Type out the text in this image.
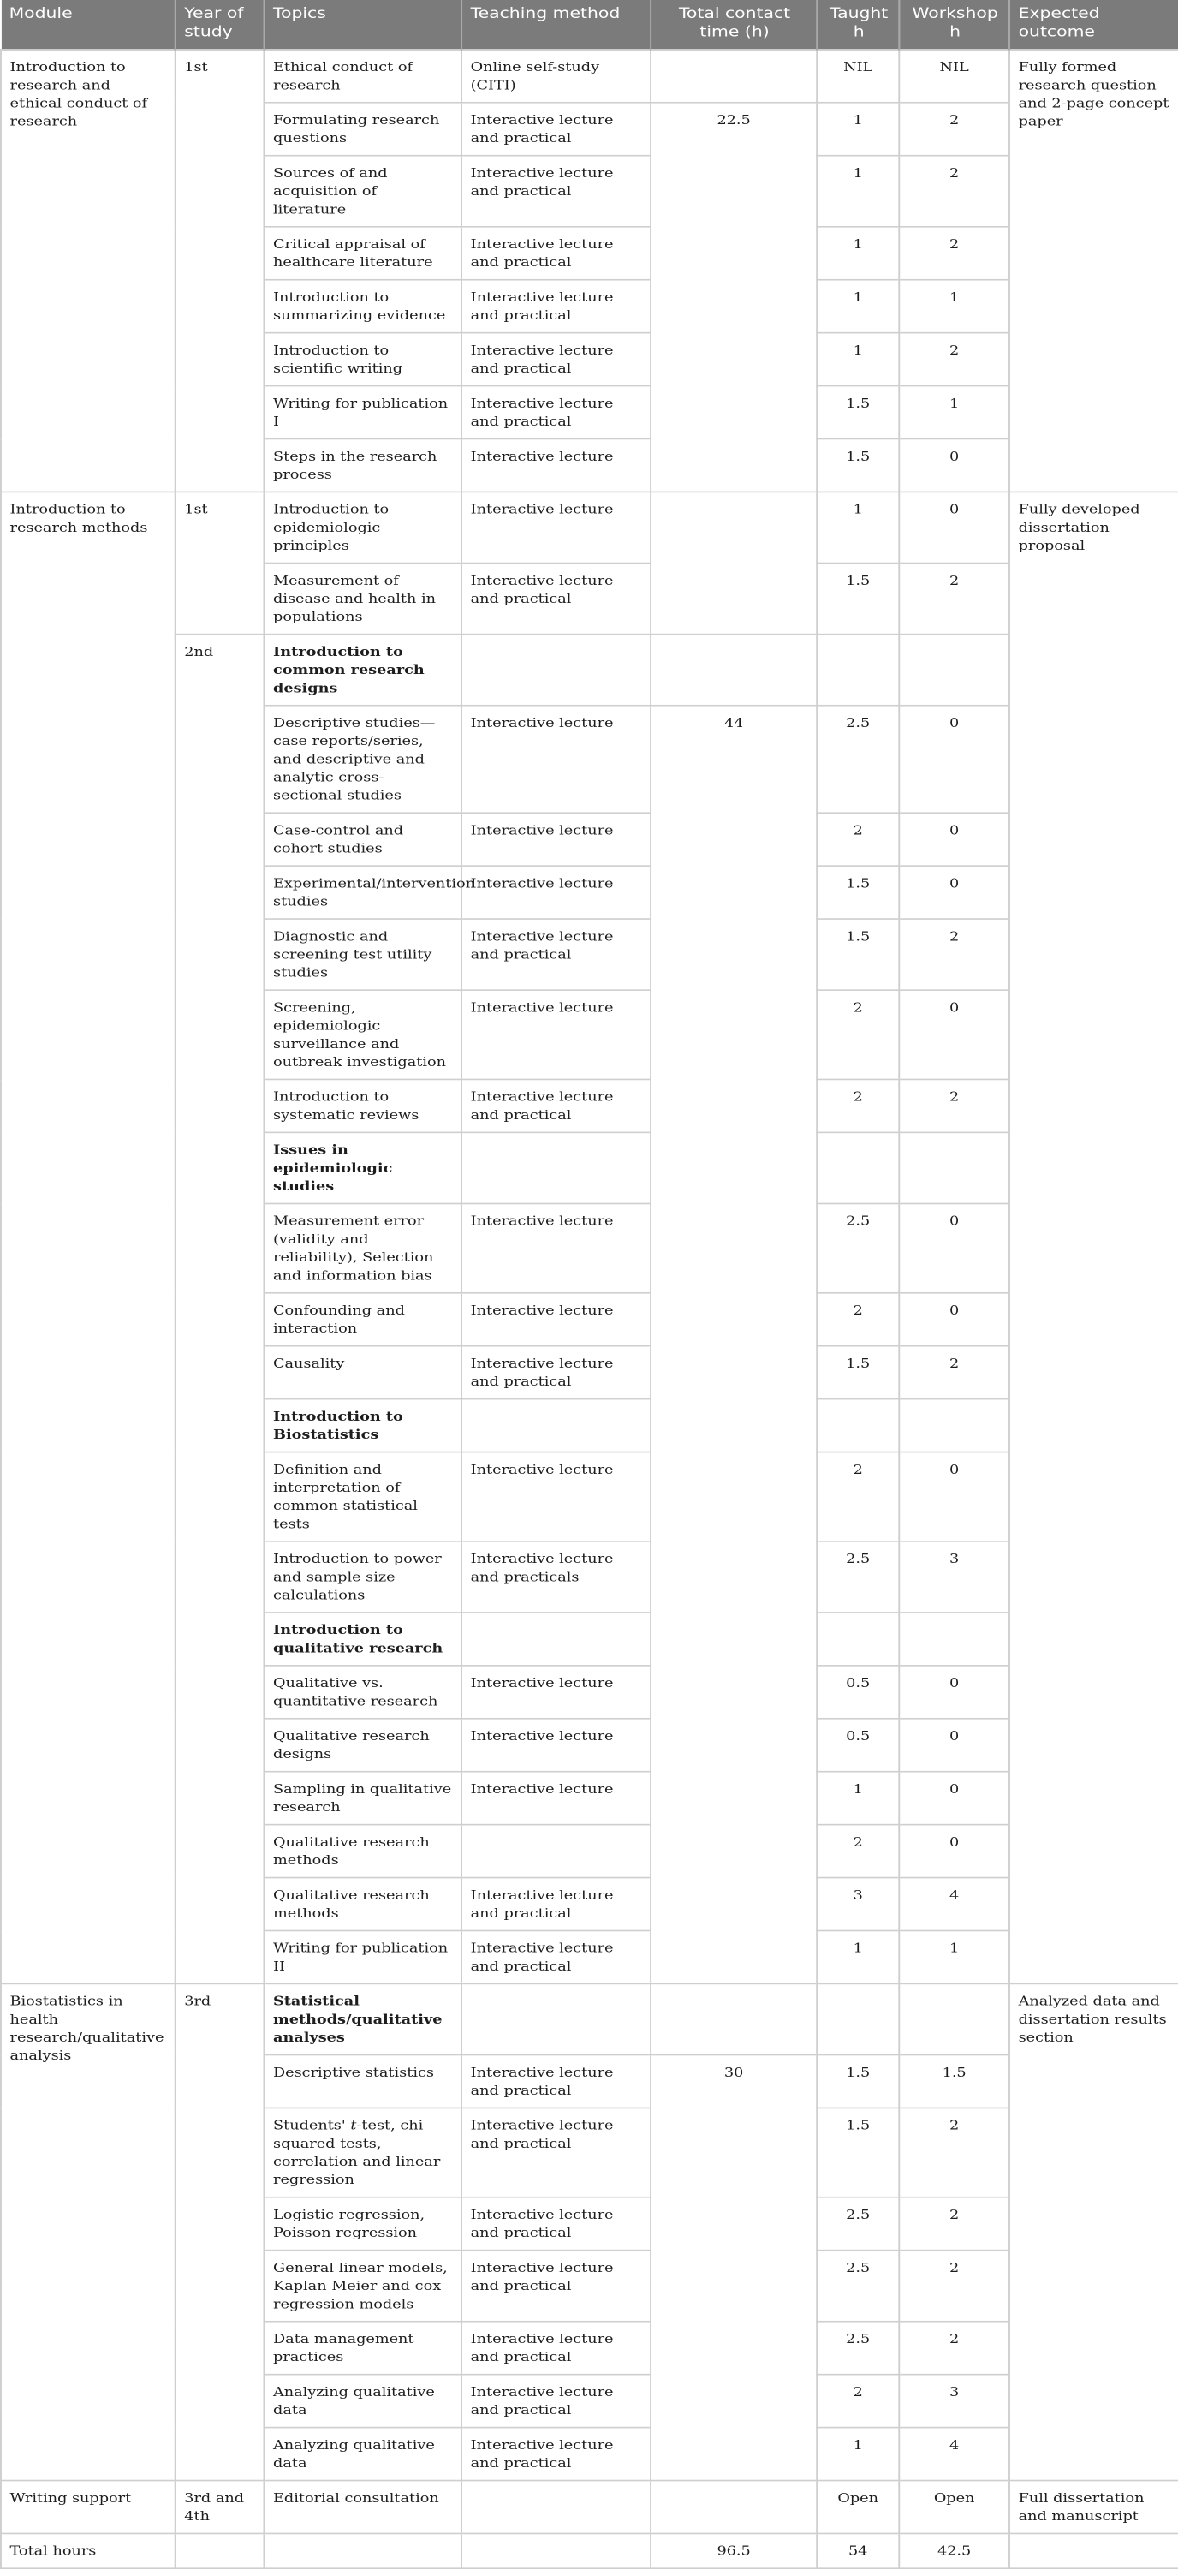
Module	Year of study	Topics	Teaching method	Total contact time (h)	Taught h	Workshop h	Expected outcome
Introduction to research and ethical conduct of research	1st	Ethical conduct of research	Online self-study (CITI)		NIL	NIL	Fully formed research question and 2-page concept paper
		Formulating research questions	Interactive lecture and practical	22.5	1	2	
		Sources of and acquisition of literature	Interactive lecture and practical		1	2	
		Critical appraisal of healthcare literature	Interactive lecture and practical		1	2	
		Introduction to summarizing evidence	Interactive lecture and practical		1	1	
		Introduction to scientific writing	Interactive lecture and practical		1	2	
		Writing for publication I	Interactive lecture and practical		1.5	1	
		Steps in the research process	Interactive lecture		1.5	0	
Introduction to research methods	1st	Introduction to epidemiologic principles	Interactive lecture		1	0	Fully developed dissertation proposal
		Measurement of disease and health in populations	Interactive lecture and practical		1.5	2	
	2nd	Introduction to common research designs					
		Descriptive studies—case reports/series, and descriptive and analytic cross-sectional studies	Interactive lecture	44	2.5	0	
		Case-control and cohort studies	Interactive lecture		2	0	
		Experimental/intervention studies	Interactive lecture		1.5	0	
		Diagnostic and screening test utility studies	Interactive lecture and practical		1.5	2	
		Screening, epidemiologic surveillance and outbreak investigation	Interactive lecture		2	0	
		Introduction to systematic reviews	Interactive lecture and practical		2	2	
		Issues in epidemiologic studies					
		Measurement error (validity and reliability), Selection and information bias	Interactive lecture		2.5	0	
		Confounding and interaction	Interactive lecture		2	0	
		Causality	Interactive lecture and practical		1.5	2	
		Introduction to Biostatistics					
		Definition and interpretation of common statistical tests	Interactive lecture		2	0	
		Introduction to power and sample size calculations	Interactive lecture and practicals		2.5	3	
		Introduction to qualitative research					
		Qualitative vs. quantitative research	Interactive lecture		0.5	0	
		Qualitative research designs	Interactive lecture		0.5	0	
		Sampling in qualitative research	Interactive lecture		1	0	
		Qualitative research methods			2	0	
		Qualitative research methods	Interactive lecture and practical		3	4	
		Writing for publication II	Interactive lecture and practical		1	1	
Biostatistics in health research/qualitative analysis	3rd	Statistical methods/qualitative analyses					Analyzed data and dissertation results section
		Descriptive statistics	Interactive lecture and practical	30	1.5	1.5	
		Students' t-test, chi squared tests, correlation and linear regression	Interactive lecture and practical		1.5	2	
		Logistic regression, Poisson regression	Interactive lecture and practical		2.5	2	
		General linear models, Kaplan Meier and cox regression models	Interactive lecture and practical		2.5	2	
		Data management practices	Interactive lecture and practical		2.5	2	
		Analyzing qualitative data	Interactive lecture and practical		2	3	
		Analyzing qualitative data	Interactive lecture and practical		1	4	
Writing support	3rd and 4th	Editorial consultation			Open	Open	Full dissertation and manuscript
Total hours				96.5	54	42.5	
